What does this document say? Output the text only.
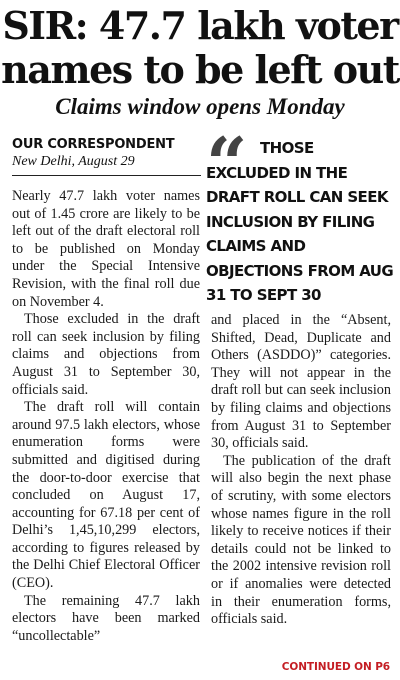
SIR: 47.7 lakh voter names to be left out
Claims window opens Monday
OUR CORRESPONDENT
New Delhi, August 29 “ THOSE EXCLUDED IN THE DRAFT ROLL CAN SEEK INCLUSION BY FILING CLAIMS AND OBJECTIONS FROM AUG 31 TO SEPT 30

Nearly 47.7 lakh voter names out of 1.45 crore are likely to be left out of the draft electoral roll to be published on Monday under the Special Intensive Revision, with the final roll due on November 4.

Those excluded in the draft roll can seek inclusion by filing claims and objections from August 31 to September 30, officials said.

The draft roll will contain around 97.5 lakh electors, whose enumeration forms were submitted and digitised during the door-to-door exercise that concluded on August 17, accounting for 67.18 per cent of Delhi’s 1,45,10,299 electors, according to figures released by the Delhi Chief Electoral Officer (CEO).

The remaining 47.7 lakh electors have been marked “uncollectable”

and placed in the “Absent, Shifted, Dead, Duplicate and Others (ASDDO)” categories. They will not appear in the draft roll but can seek inclusion by filing claims and objections from August 31 to September 30, officials said.

The publication of the draft will also begin the next phase of scrutiny, with some electors whose names figure in the roll likely to receive notices if their details could not be linked to the 2002 intensive revision roll or if anomalies were detected in their enumeration forms, officials said.

CONTINUED ON P6
